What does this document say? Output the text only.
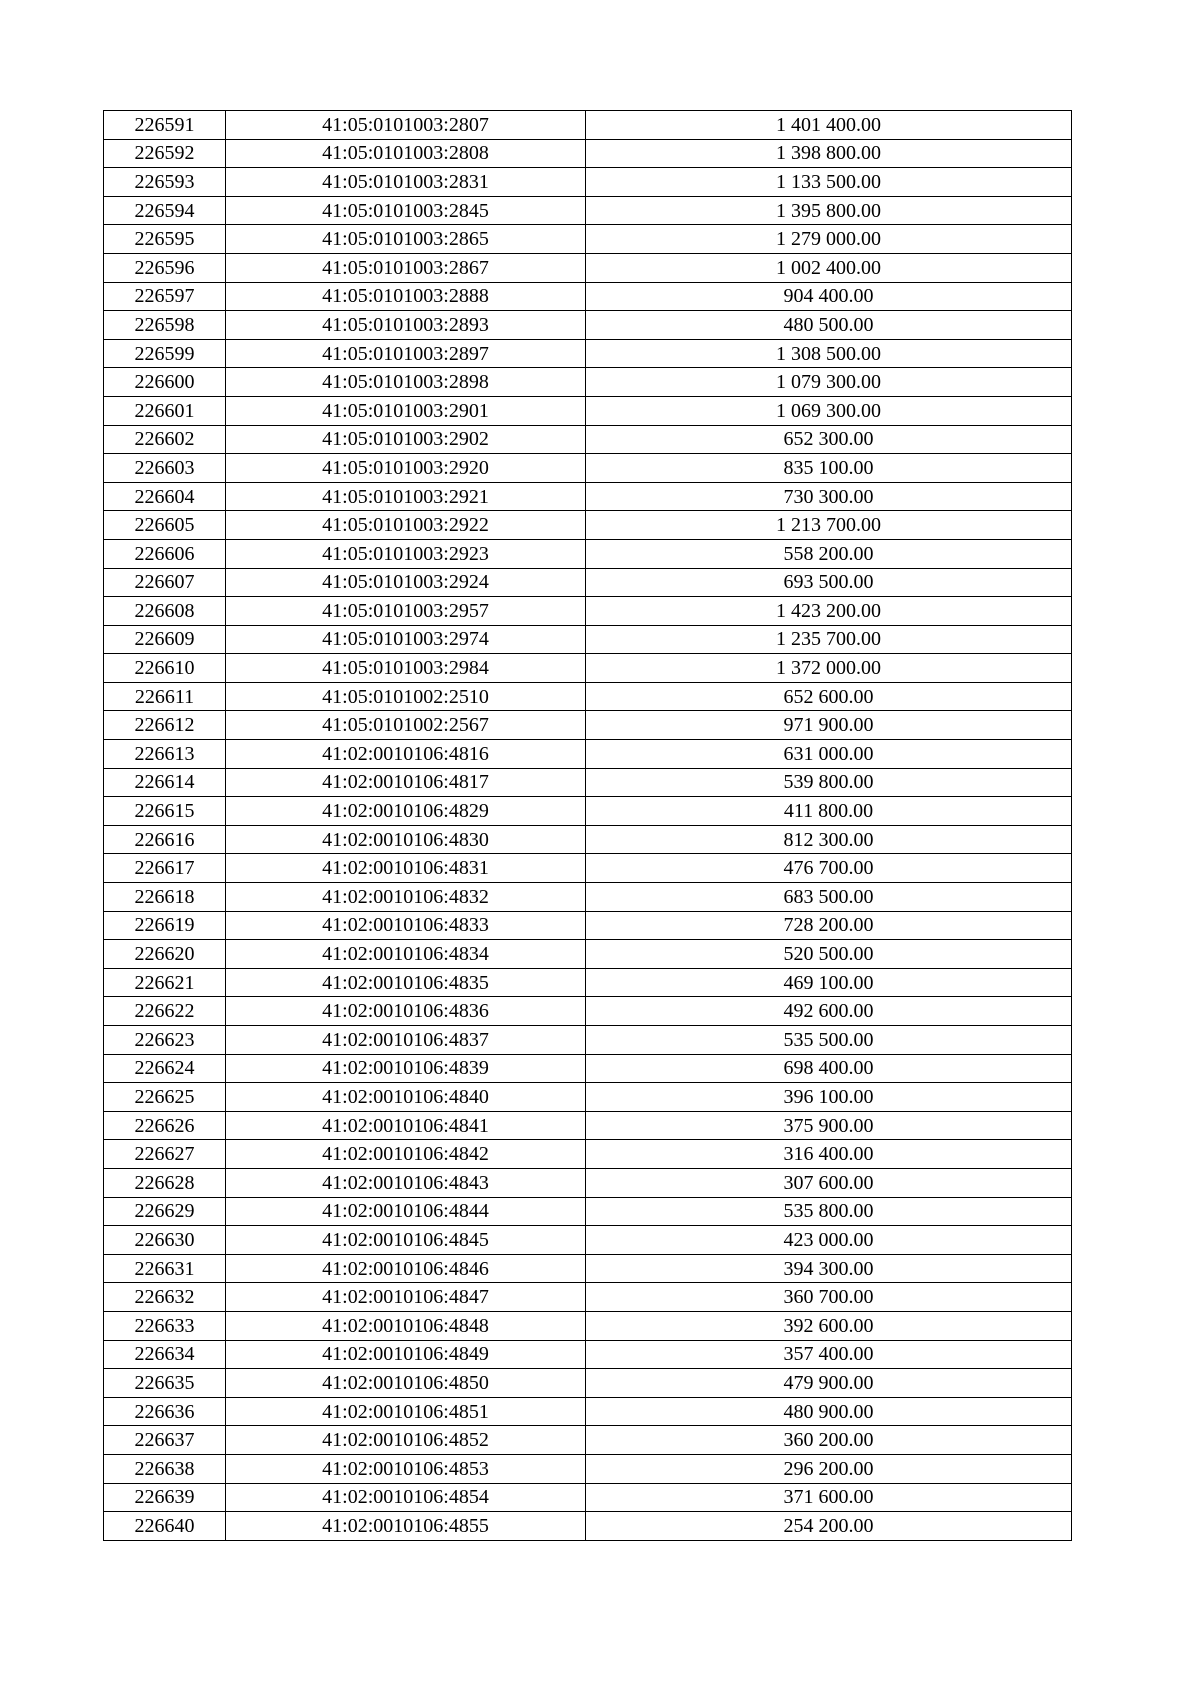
226591	41:05:0101003:2807	1 401 400.00
226592	41:05:0101003:2808	1 398 800.00
226593	41:05:0101003:2831	1 133 500.00
226594	41:05:0101003:2845	1 395 800.00
226595	41:05:0101003:2865	1 279 000.00
226596	41:05:0101003:2867	1 002 400.00
226597	41:05:0101003:2888	904 400.00
226598	41:05:0101003:2893	480 500.00
226599	41:05:0101003:2897	1 308 500.00
226600	41:05:0101003:2898	1 079 300.00
226601	41:05:0101003:2901	1 069 300.00
226602	41:05:0101003:2902	652 300.00
226603	41:05:0101003:2920	835 100.00
226604	41:05:0101003:2921	730 300.00
226605	41:05:0101003:2922	1 213 700.00
226606	41:05:0101003:2923	558 200.00
226607	41:05:0101003:2924	693 500.00
226608	41:05:0101003:2957	1 423 200.00
226609	41:05:0101003:2974	1 235 700.00
226610	41:05:0101003:2984	1 372 000.00
226611	41:05:0101002:2510	652 600.00
226612	41:05:0101002:2567	971 900.00
226613	41:02:0010106:4816	631 000.00
226614	41:02:0010106:4817	539 800.00
226615	41:02:0010106:4829	411 800.00
226616	41:02:0010106:4830	812 300.00
226617	41:02:0010106:4831	476 700.00
226618	41:02:0010106:4832	683 500.00
226619	41:02:0010106:4833	728 200.00
226620	41:02:0010106:4834	520 500.00
226621	41:02:0010106:4835	469 100.00
226622	41:02:0010106:4836	492 600.00
226623	41:02:0010106:4837	535 500.00
226624	41:02:0010106:4839	698 400.00
226625	41:02:0010106:4840	396 100.00
226626	41:02:0010106:4841	375 900.00
226627	41:02:0010106:4842	316 400.00
226628	41:02:0010106:4843	307 600.00
226629	41:02:0010106:4844	535 800.00
226630	41:02:0010106:4845	423 000.00
226631	41:02:0010106:4846	394 300.00
226632	41:02:0010106:4847	360 700.00
226633	41:02:0010106:4848	392 600.00
226634	41:02:0010106:4849	357 400.00
226635	41:02:0010106:4850	479 900.00
226636	41:02:0010106:4851	480 900.00
226637	41:02:0010106:4852	360 200.00
226638	41:02:0010106:4853	296 200.00
226639	41:02:0010106:4854	371 600.00
226640	41:02:0010106:4855	254 200.00
